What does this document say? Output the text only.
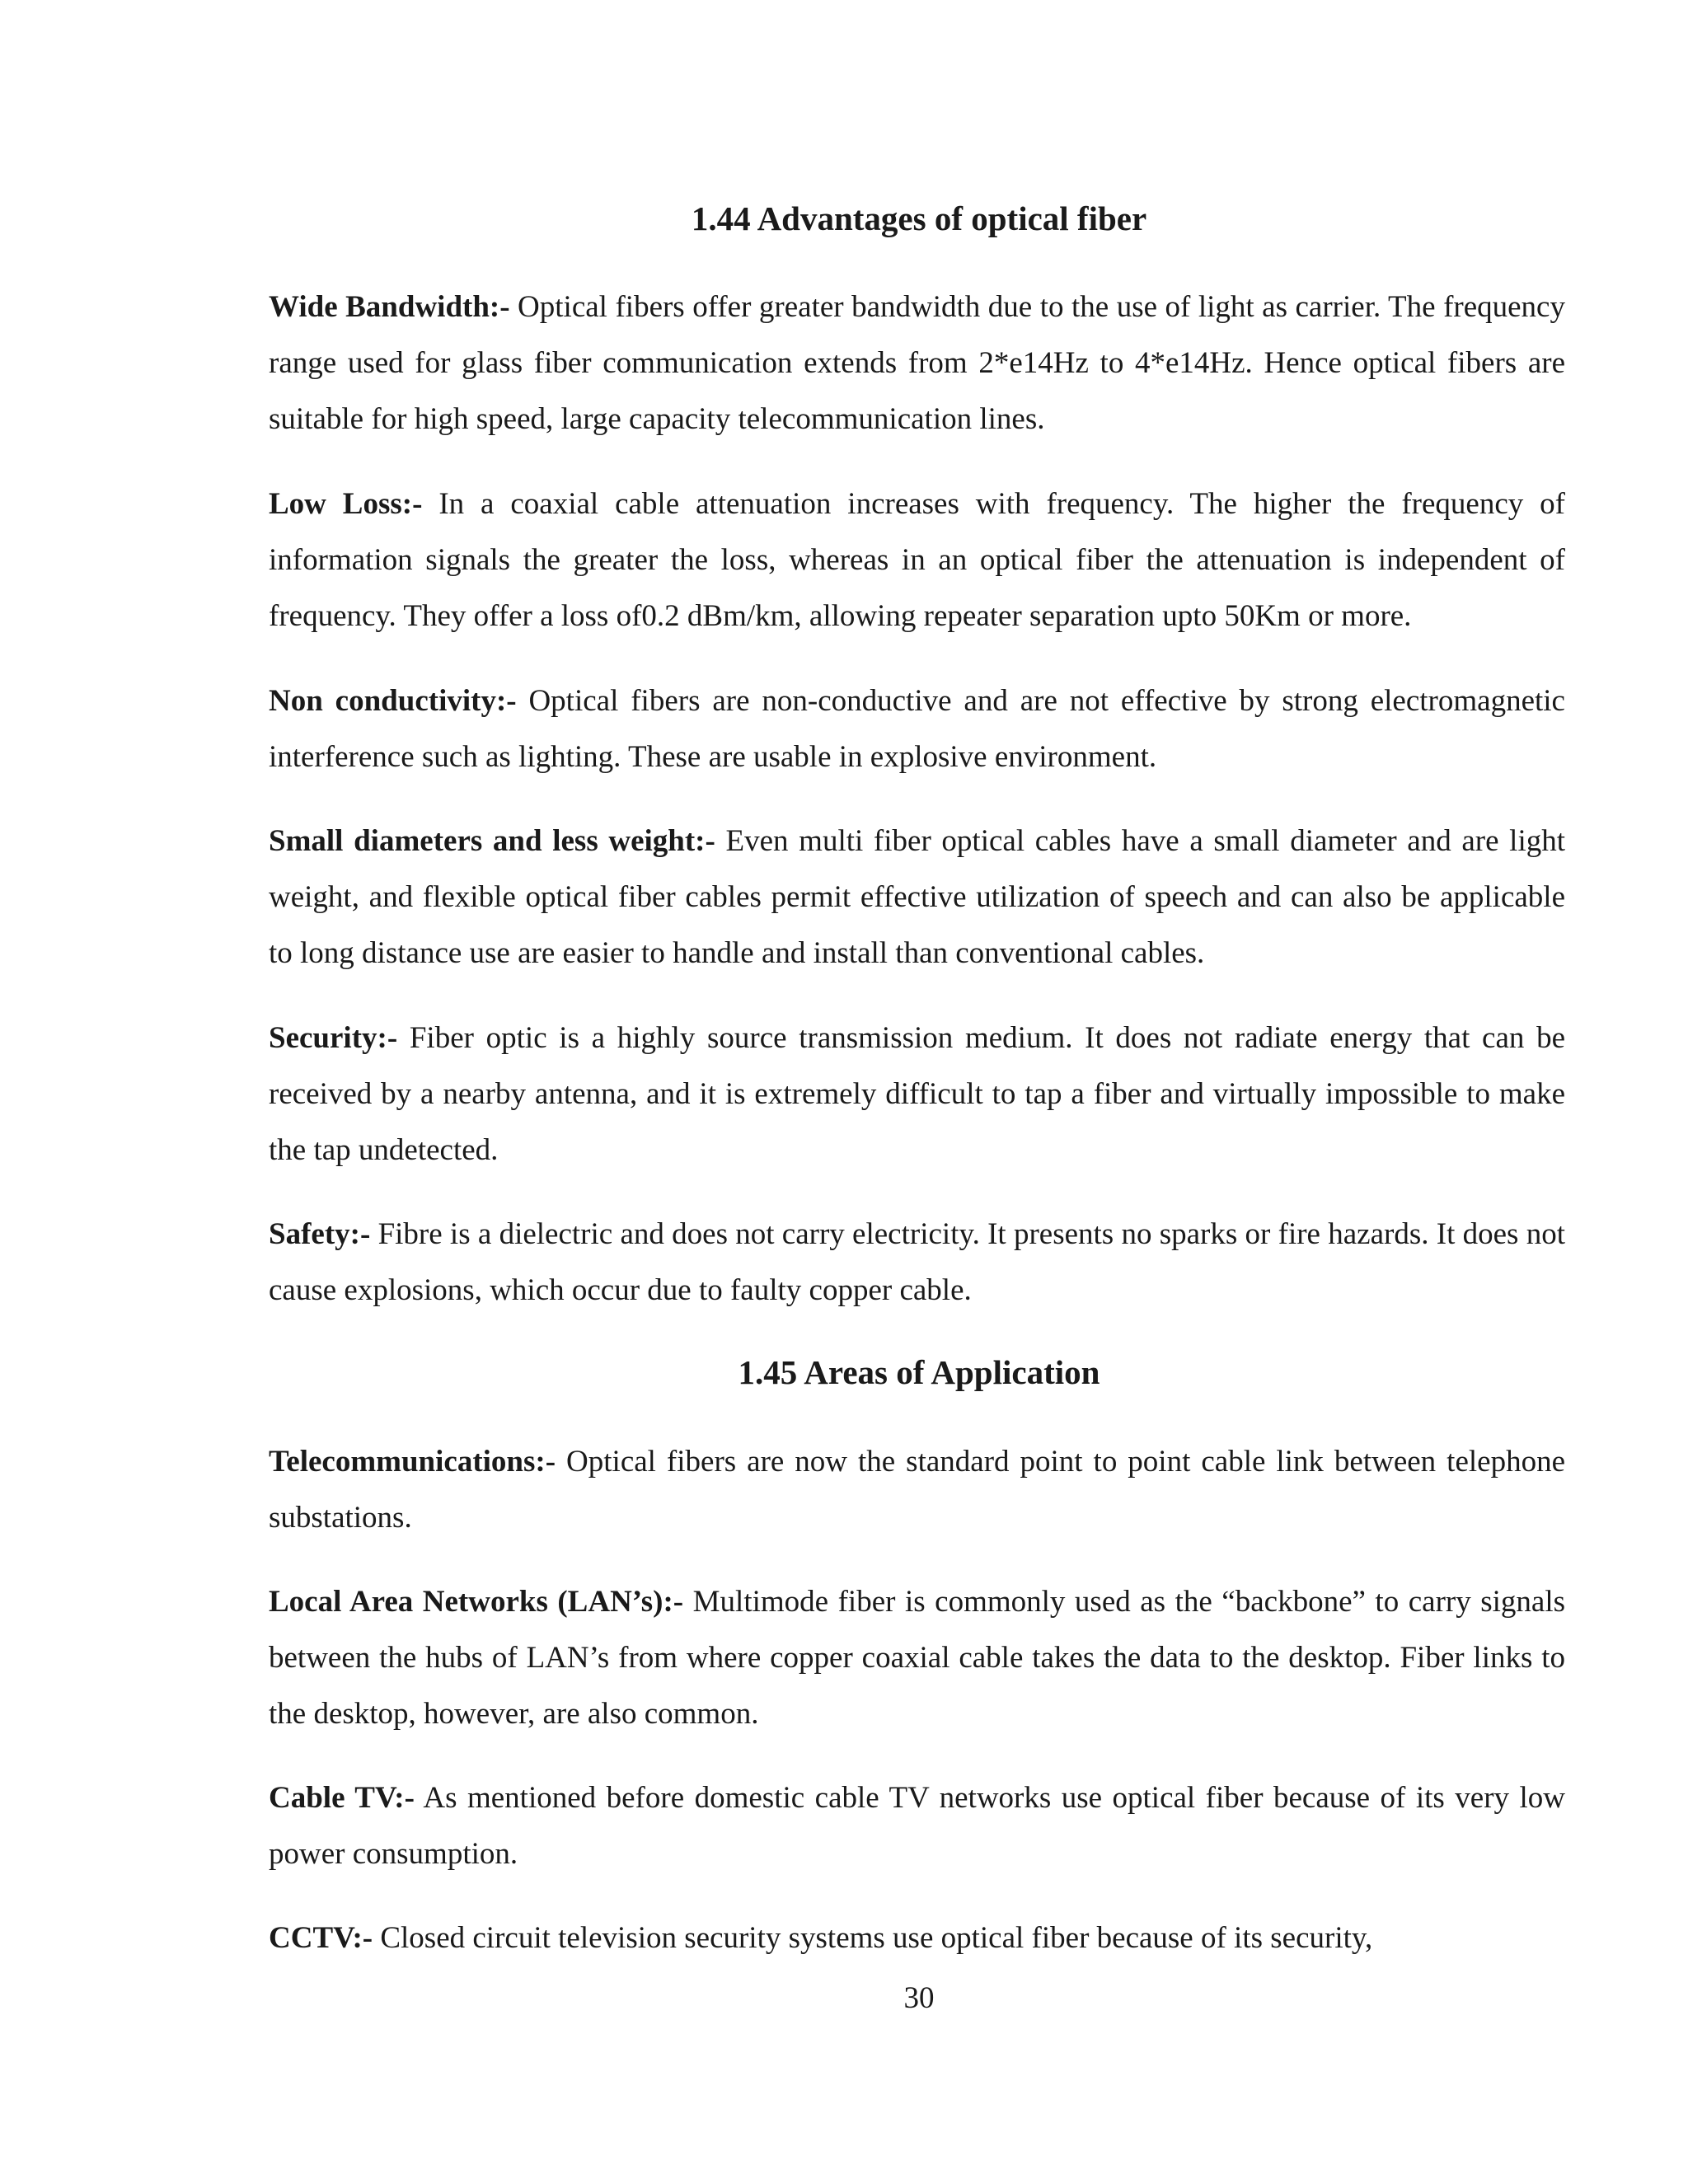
1.44 Advantages of optical fiber

Wide Bandwidth:- Optical fibers offer greater bandwidth due to the use of light as carrier. The frequency range used for glass fiber communication extends from 2*e14Hz to 4*e14Hz. Hence optical fibers are suitable for high speed, large capacity telecommunication lines.

Low Loss:- In a coaxial cable attenuation increases with frequency. The higher the frequency of information signals the greater the loss, whereas in an optical fiber the attenuation is independent of frequency. They offer a loss of0.2 dBm/km, allowing repeater separation upto 50Km or more.

Non conductivity:- Optical fibers are non-conductive and are not effective by strong electromagnetic interference such as lighting. These are usable in explosive environment.

Small diameters and less weight:- Even multi fiber optical cables have a small diameter and are light weight, and flexible optical fiber cables permit effective utilization of speech and can also be applicable to long distance use are easier to handle and install than conventional cables.

Security:- Fiber optic is a highly source transmission medium. It does not radiate energy that can be received by a nearby antenna, and it is extremely difficult to tap a fiber and virtually impossible to make the tap undetected.

Safety:- Fibre is a dielectric and does not carry electricity. It presents no sparks or fire hazards. It does not cause explosions, which occur due to faulty copper cable.

1.45 Areas of Application

Telecommunications:- Optical fibers are now the standard point to point cable link between telephone substations.

Local Area Networks (LAN’s):- Multimode fiber is commonly used as the “backbone” to carry signals between the hubs of LAN’s from where copper coaxial cable takes the data to the desktop. Fiber links to the desktop, however, are also common.

Cable TV:- As mentioned before domestic cable TV networks use optical fiber because of its very low power consumption.

CCTV:- Closed circuit television security systems use optical fiber because of its security,

30
